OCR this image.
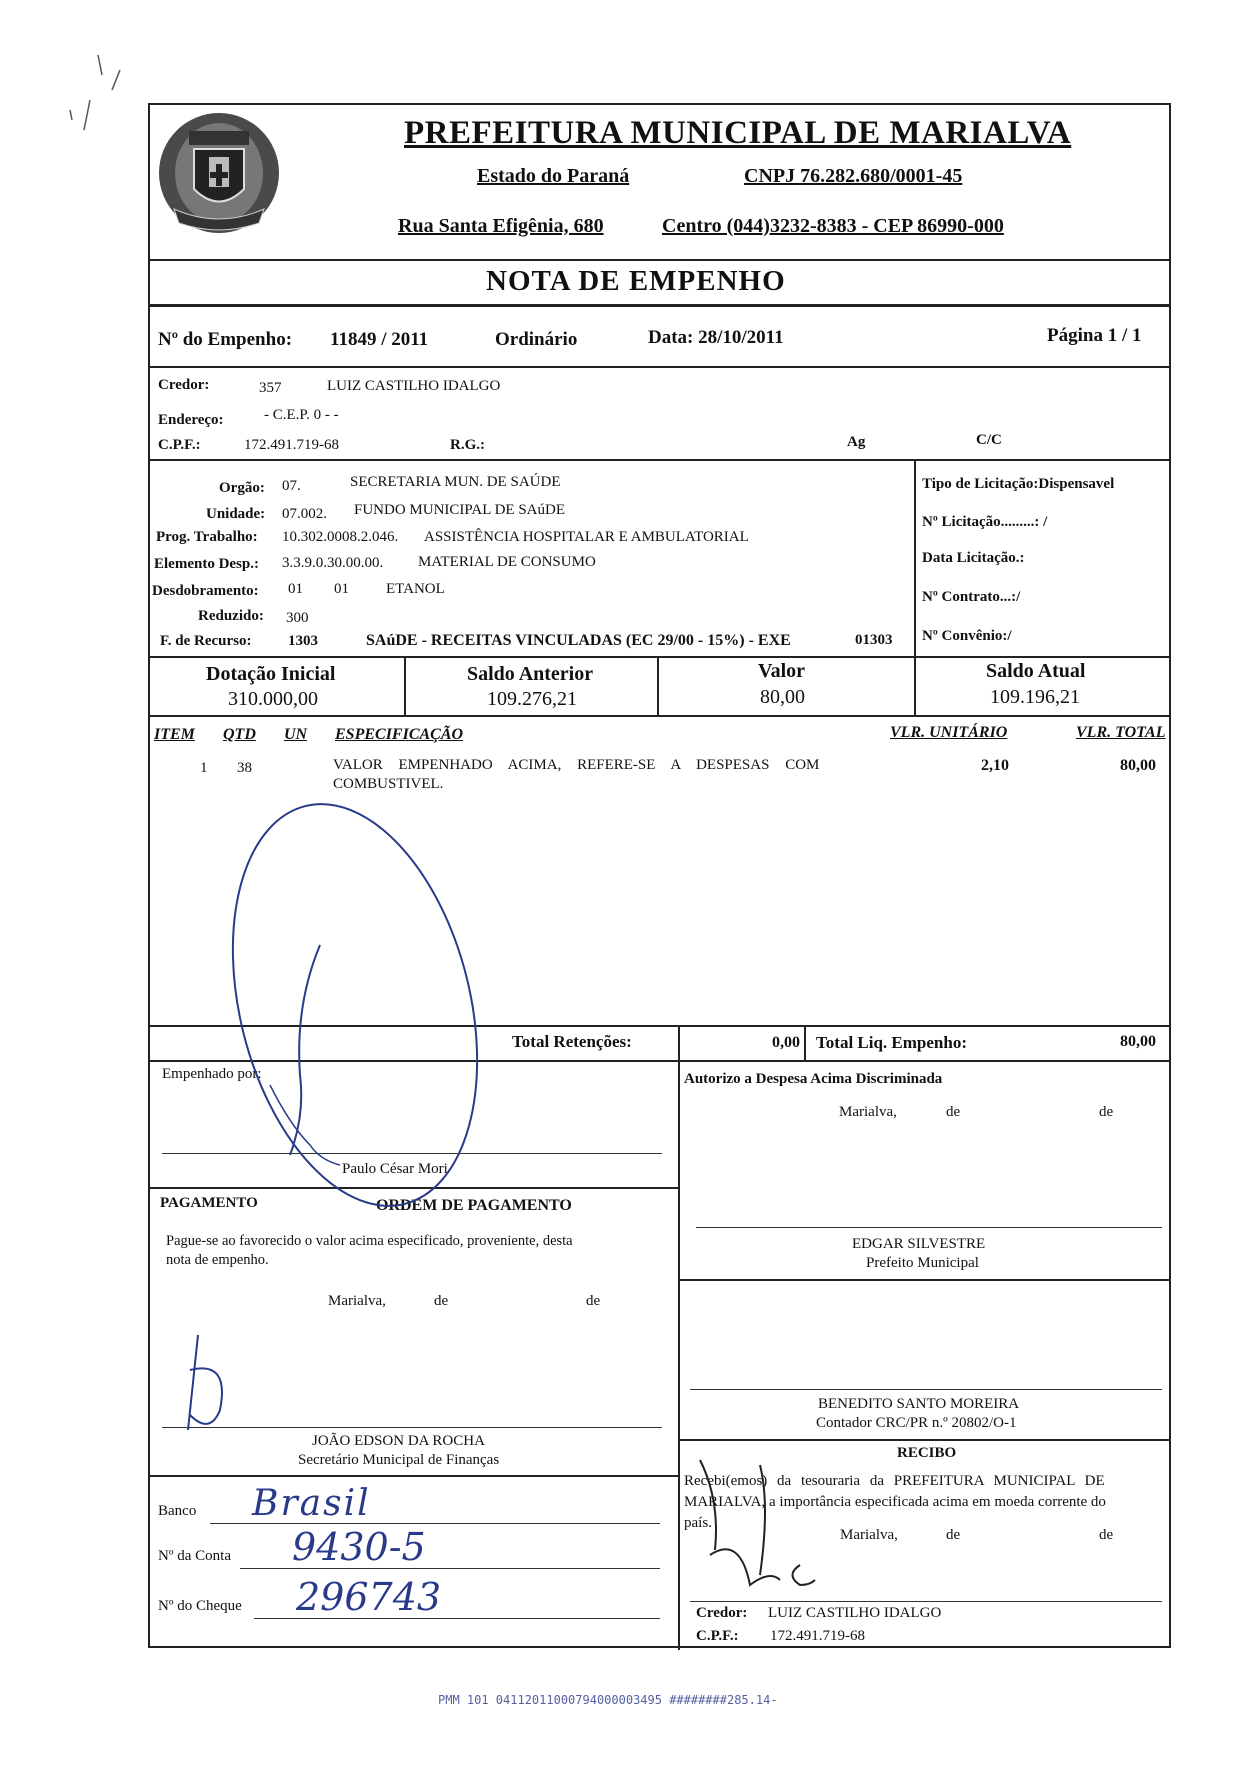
PREFEITURA MUNICIPAL DE MARIALVA
Estado do Paraná	CNPJ 76.282.680/0001-45
Rua Santa Efigênia, 680	Centro (044)3232-8383 - CEP 86990-000
NOTA DE EMPENHO
Nº do Empenho: 11849 / 2011	Ordinário	Data: 28/10/2011	Página 1 / 1
Credor:	357	LUIZ CASTILHO IDALGO
Endereço:	- C.E.P. 0 - -
C.P.F.:	172.491.719-68	R.G.:	Ag	C/C
Orgão: 07.	SECRETARIA MUN. DE SAÚDE
Unidade: 07.002. FUNDO MUNICIPAL DE SAúDE
Prog. Trabalho: 10.302.0008.2.046. ASSISTÊNCIA HOSPITALAR E AMBULATORIAL
Elemento Desp.: 3.3.9.0.30.00.00. MATERIAL DE CONSUMO
Desdobramento: 01 01 ETANOL
Reduzido: 300
F. de Recurso: 1303	SAúDE - RECEITAS VINCULADAS (EC 29/00 - 15%) - EXE	01303
Tipo de Licitação:Dispensavel
Nº Licitação.........: /
Data Licitação.:
Nº Contrato...:/
Nº Convênio:/
Dotação Inicial
310.000,00
Saldo Anterior
109.276,21
Valor
80,00
Saldo Atual
109.196,21
ITEM QTD UN ESPECIFICAÇÃO	VLR. UNITÁRIO	VLR. TOTAL
1 38	VALOR EMPENHADO ACIMA, REFERE-SE A DESPESAS COM
COMBUSTIVEL.
2,10	80,00
Total Retenções:	0,00 Total Liq. Empenho:	80,00
Empenhado por:
Paulo César Mori
PAGAMENTO	ORDEM DE PAGAMENTO
Pague-se ao favorecido o valor acima especificado, proveniente, desta
nota de empenho.
Marialva,	de	de
JOÃO EDSON DA ROCHA
Secretário Municipal de Finanças
Banco
Nº da Conta
Nº do Cheque
Autorizo a Despesa Acima Discriminada
Marialva,	de	de
EDGAR SILVESTRE
Prefeito Municipal
BENEDITO SANTO MOREIRA
Contador CRC/PR n.º 20802/O-1
RECIBO
Recebi(emos) da tesouraria da PREFEITURA MUNICIPAL DE
MARIALVA, a importância especificada acima em moeda corrente do
país.
Marialva,	de	de
Credor: LUIZ CASTILHO IDALGO
C.P.F.: 172.491.719-68
Brasil
9430-5
296743
PMM 101 04112011000794000003495 ########285.14-
